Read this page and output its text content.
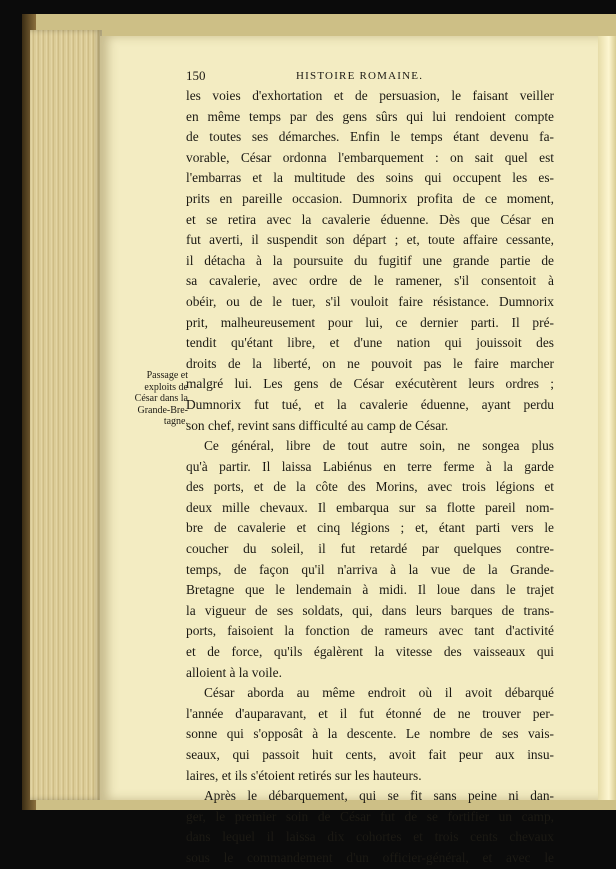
150	HISTOIRE ROMAINE.
Passage et
exploits de
César dans la
Grande-Bre-
tagne.
les voies d'exhortation et de persuasion, le faisant veiller
en même temps par des gens sûrs qui lui rendoient compte
de toutes ses démarches. Enfin le temps étant devenu fa-
vorable, César ordonna l'embarquement : on sait quel est
l'embarras et la multitude des soins qui occupent les es-
prits en pareille occasion. Dumnorix profita de ce moment,
et se retira avec la cavalerie éduenne. Dès que César en
fut averti, il suspendit son départ ; et, toute affaire cessante,
il détacha à la poursuite du fugitif une grande partie de
sa cavalerie, avec ordre de le ramener, s'il consentoit à
obéir, ou de le tuer, s'il vouloit faire résistance. Dumnorix
prit, malheureusement pour lui, ce dernier parti. Il pré-
tendit qu'étant libre, et d'une nation qui jouissoit des
droits de la liberté, on ne pouvoit pas le faire marcher
malgré lui. Les gens de César exécutèrent leurs ordres ;
Dumnorix fut tué, et la cavalerie éduenne, ayant perdu
son chef, revint sans difficulté au camp de César.
Ce général, libre de tout autre soin, ne songea plus
qu'à partir. Il laissa Labiénus en terre ferme à la garde
des ports, et de la côte des Morins, avec trois légions et
deux mille chevaux. Il embarqua sur sa flotte pareil nom-
bre de cavalerie et cinq légions ; et, étant parti vers le
coucher du soleil, il fut retardé par quelques contre-
temps, de façon qu'il n'arriva à la vue de la Grande-
Bretagne que le lendemain à midi. Il loue dans le trajet
la vigueur de ses soldats, qui, dans leurs barques de trans-
ports, faisoient la fonction de rameurs avec tant d'activité
et de force, qu'ils égalèrent la vitesse des vaisseaux qui
alloient à la voile.
César aborda au même endroit où il avoit débarqué
l'année d'auparavant, et il fut étonné de ne trouver per-
sonne qui s'opposât à la descente. Le nombre de ses vais-
seaux, qui passoit huit cents, avoit fait peur aux insu-
laires, et ils s'étoient retirés sur les hauteurs.
Après le débarquement, qui se fit sans peine ni dan-
ger, le premier soin de César fut de se fortifier un camp,
dans lequel il laissa dix cohortes et trois cents chevaux
sous le commandement d'un officier-général, et avec le
